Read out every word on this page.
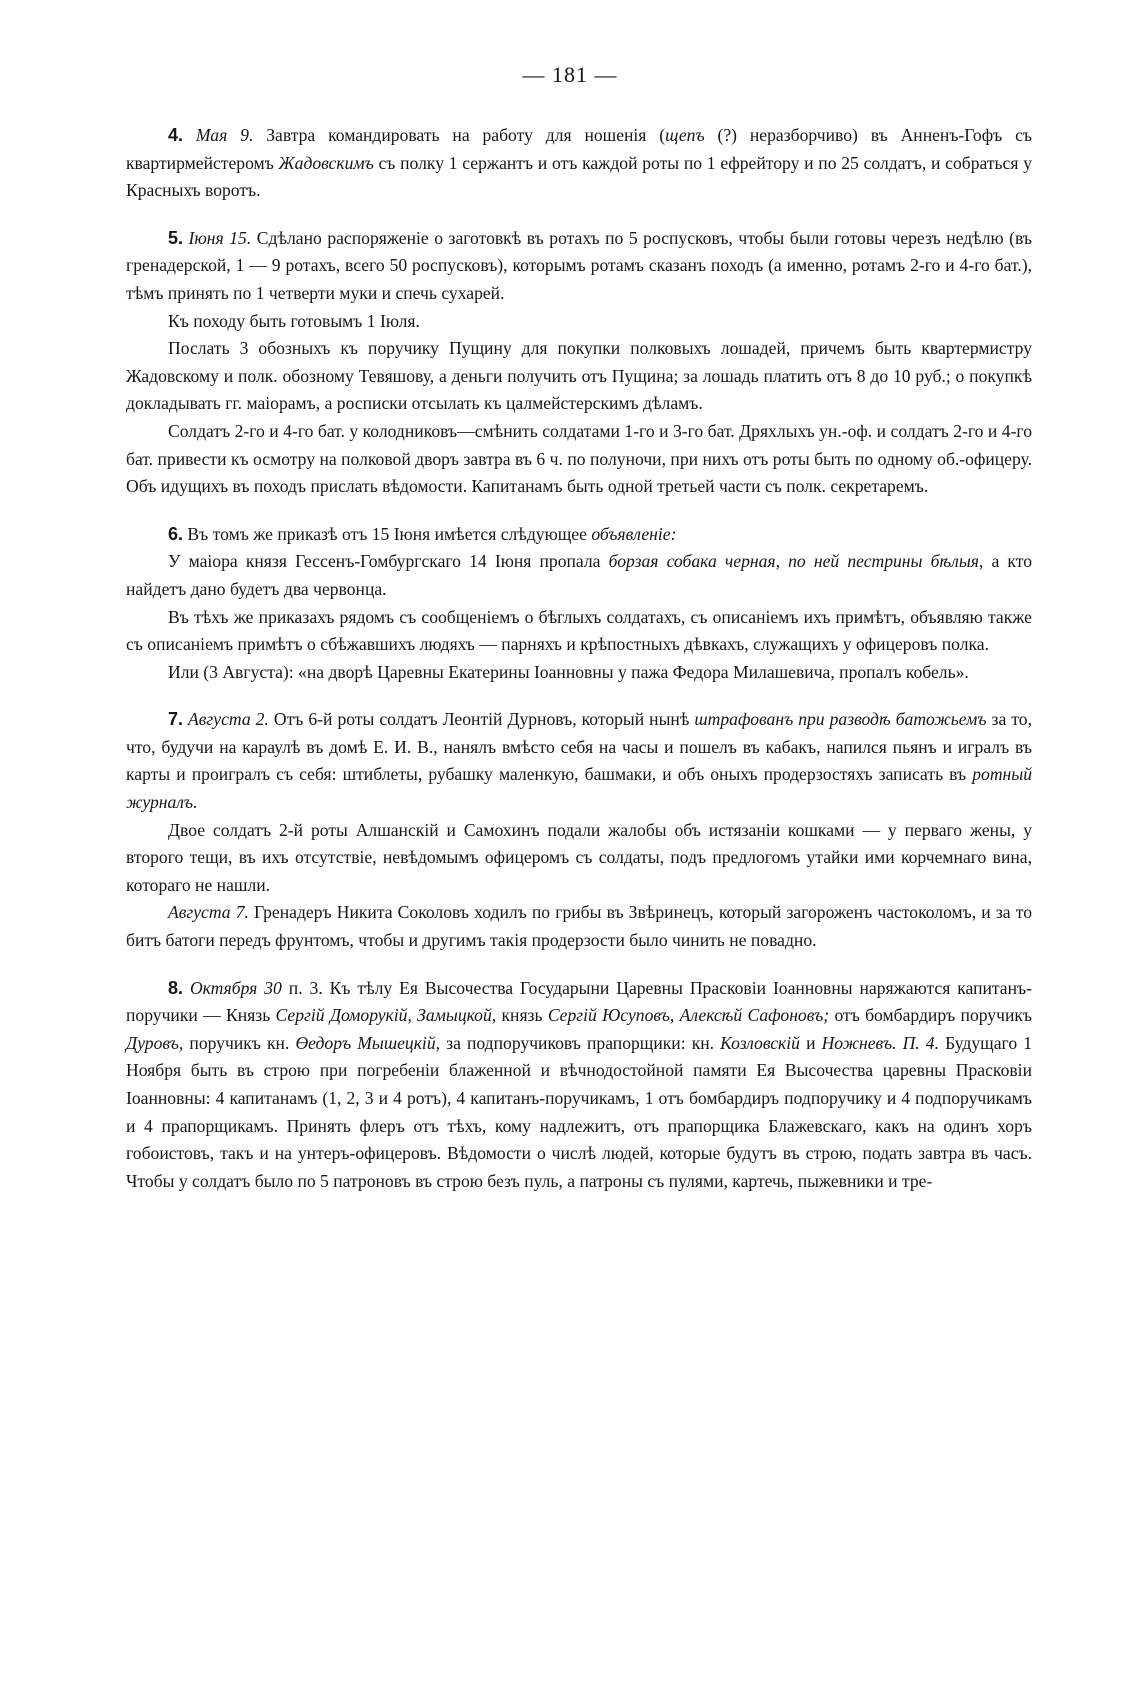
— 181 —

4. Мая 9. Завтра командировать на работу для ношенія (щепъ (?) неразборчиво) въ Анненъ-Гофъ съ квартирмейстеромъ Жадовскимъ съ полку 1 сержантъ и отъ каждой роты по 1 ефрейтору и по 25 солдатъ, и собраться у Красныхъ воротъ.

5. Іюня 15. Сдѣлано распоряженіе о заготовкѣ въ ротахъ по 5 роспусковъ, чтобы были готовы черезъ недѣлю (въ гренадерской, 1 — 9 ротахъ, всего 50 роспусковъ), которымъ ротамъ сказанъ походъ (а именно, ротамъ 2-го и 4-го бат.), тѣмъ принять по 1 четверти муки и спечь сухарей.

Къ походу быть готовымъ 1 Іюля.

Послать 3 обозныхъ къ поручику Пущину для покупки полковыхъ лошадей, причемъ быть квартермистру Жадовскому и полк. обозному Тевяшову, а деньги получить отъ Пущина; за лошадь платить отъ 8 до 10 руб.; о покупкѣ докладывать гг. маіорамъ, а росписки отсылать къ цалмейстерскимъ дѣламъ.

Солдатъ 2-го и 4-го бат. у колодниковъ—смѣнить солдатами 1-го и 3-го бат. Дряхлыхъ ун.-оф. и солдатъ 2-го и 4-го бат. привести къ осмотру на полковой дворъ завтра въ 6 ч. по полуночи, при нихъ отъ роты быть по одному об.-офицеру. Объ идущихъ въ походъ прислать вѣдомости. Капитанамъ быть одной третьей части съ полк. секретаремъ.

6. Въ томъ же приказѣ отъ 15 Іюня имѣется слѣдующее объявленіе:

У маіора князя Гессенъ-Гомбургскаго 14 Іюня пропала борзая собака черная, по ней пестрины бѣлыя, а кто найдетъ дано будетъ два червонца.

Въ тѣхъ же приказахъ рядомъ съ сообщеніемъ о бѣглыхъ солдатахъ, съ описаніемъ ихъ примѣтъ, объявляю также съ описаніемъ примѣтъ о сбѣжавшихъ людяхъ — парняхъ и крѣпостныхъ дѣвкахъ, служащихъ у офицеровъ полка.

Или (3 Августа): «на дворѣ Царевны Екатерины Іоанновны у пажа Федора Милашевича, пропалъ кобель».

7. Августа 2. Отъ 6-й роты солдатъ Леонтій Дурновъ, который нынѣ штрафованъ при разводѣ батожьемъ за то, что, будучи на караулѣ въ домѣ Е. И. В., нанялъ вмѣсто себя на часы и пошелъ въ кабакъ, напился пьянъ и игралъ въ карты и проигралъ съ себя: штиблеты, рубашку маленкую, башмаки, и объ оныхъ продерзостяхъ записать въ ротный журналъ.

Двое солдатъ 2-й роты Алшанскій и Самохинъ подали жалобы объ истязаніи кошками — у перваго жены, у второго тещи, въ ихъ отсутствіе, невѣдомымъ офицеромъ съ солдаты, подъ предлогомъ утайки ими корчемнаго вина, котораго не нашли.

Августа 7. Гренадеръ Никита Соколовъ ходилъ по грибы въ Звѣринецъ, который загороженъ частоколомъ, и за то битъ батоги передъ фрунтомъ, чтобы и другимъ такія продерзости было чинить не повадно.

8. Октября 30 п. 3. Къ тѣлу Ея Высочества Государыни Царевны Прасковіи Іоанновны наряжаются капитанъ-поручики — Князь Сергій Доморукій, Замыцкой, князь Сергій Юсуповъ, Алексѣй Сафоновъ; отъ бомбардиръ поручикъ Дуровъ, поручикъ кн. Өедоръ Мышецкій, за подпоручиковъ прапорщики: кн. Козловскій и Ножневъ. П. 4. Будущаго 1 Ноября быть въ строю при погребеніи блаженной и вѣчнодостойной памяти Ея Высочества царевны Прасковіи Іоанновны: 4 капитанамъ (1, 2, 3 и 4 ротъ), 4 капитанъ-поручикамъ, 1 отъ бомбардиръ подпоручику и 4 подпоручикамъ и 4 прапорщикамъ. Принять флеръ отъ тѣхъ, кому надлежитъ, отъ прапорщика Блажевскаго, какъ на одинъ хоръ гобоистовъ, такъ и на унтеръ-офицеровъ. Вѣдомости о числѣ людей, которые будутъ въ строю, подать завтра въ часъ. Чтобы у солдатъ было по 5 патроновъ въ строю безъ пуль, а патроны съ пулями, картечь, пыжевники и тре-
